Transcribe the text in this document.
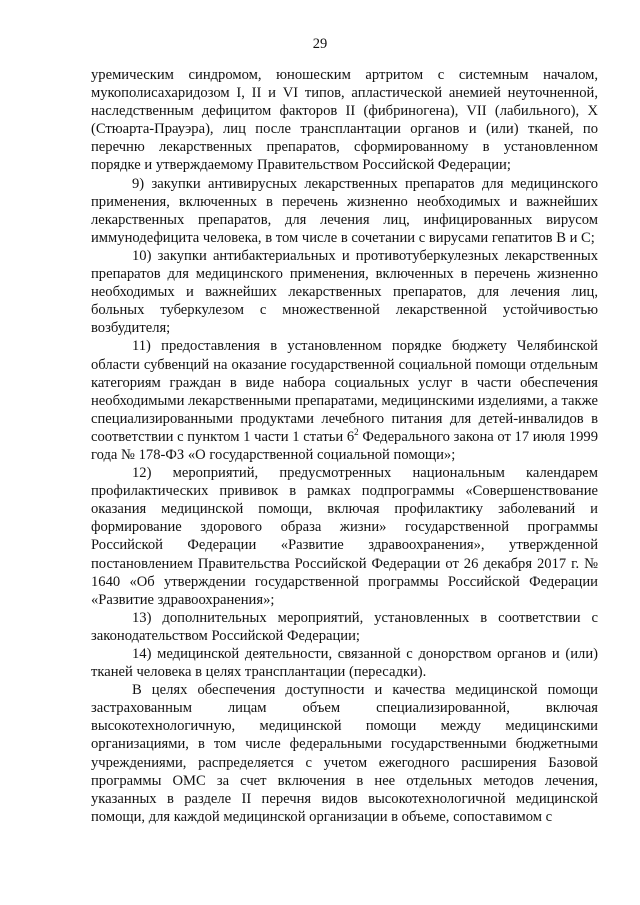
29

уремическим синдромом, юношеским артритом с системным началом, мукополисахаридозом I, II и VI типов, апластической анемией неуточненной, наследственным дефицитом факторов II (фибриногена), VII (лабильного), X (Стюарта-Прауэра), лиц после трансплантации органов и (или) тканей, по перечню лекарственных препаратов, сформированному в установленном порядке и утверждаемому Правительством Российской Федерации;

9) закупки антивирусных лекарственных препаратов для медицинского применения, включенных в перечень жизненно необходимых и важнейших лекарственных препаратов, для лечения лиц, инфицированных вирусом иммунодефицита человека, в том числе в сочетании с вирусами гепатитов B и C;

10) закупки антибактериальных и противотуберкулезных лекарственных препаратов для медицинского применения, включенных в перечень жизненно необходимых и важнейших лекарственных препаратов, для лечения лиц, больных туберкулезом с множественной лекарственной устойчивостью возбудителя;

11) предоставления в установленном порядке бюджету Челябинской области субвенций на оказание государственной социальной помощи отдельным категориям граждан в виде набора социальных услуг в части обеспечения необходимыми лекарственными препаратами, медицинскими изделиями, а также специализированными продуктами лечебного питания для детей-инвалидов в соответствии с пунктом 1 части 1 статьи $6^2$ Федерального закона от 17 июля 1999 года № 178-ФЗ «О государственной социальной помощи»;

12) мероприятий, предусмотренных национальным календарем профилактических прививок в рамках подпрограммы «Совершенствование оказания медицинской помощи, включая профилактику заболеваний и формирование здорового образа жизни» государственной программы Российской Федерации «Развитие здравоохранения», утвержденной постановлением Правительства Российской Федерации от 26 декабря 2017 г. № 1640 «Об утверждении государственной программы Российской Федерации «Развитие здравоохранения»;

13) дополнительных мероприятий, установленных в соответствии с законодательством Российской Федерации;

14) медицинской деятельности, связанной с донорством органов и (или) тканей человека в целях трансплантации (пересадки).

В целях обеспечения доступности и качества медицинской помощи застрахованным лицам объем специализированной, включая высокотехнологичную, медицинской помощи между медицинскими организациями, в том числе федеральными государственными бюджетными учреждениями, распределяется с учетом ежегодного расширения Базовой программы ОМС за счет включения в нее отдельных методов лечения, указанных в разделе II перечня видов высокотехнологичной медицинской помощи, для каждой медицинской организации в объеме, сопоставимом с
